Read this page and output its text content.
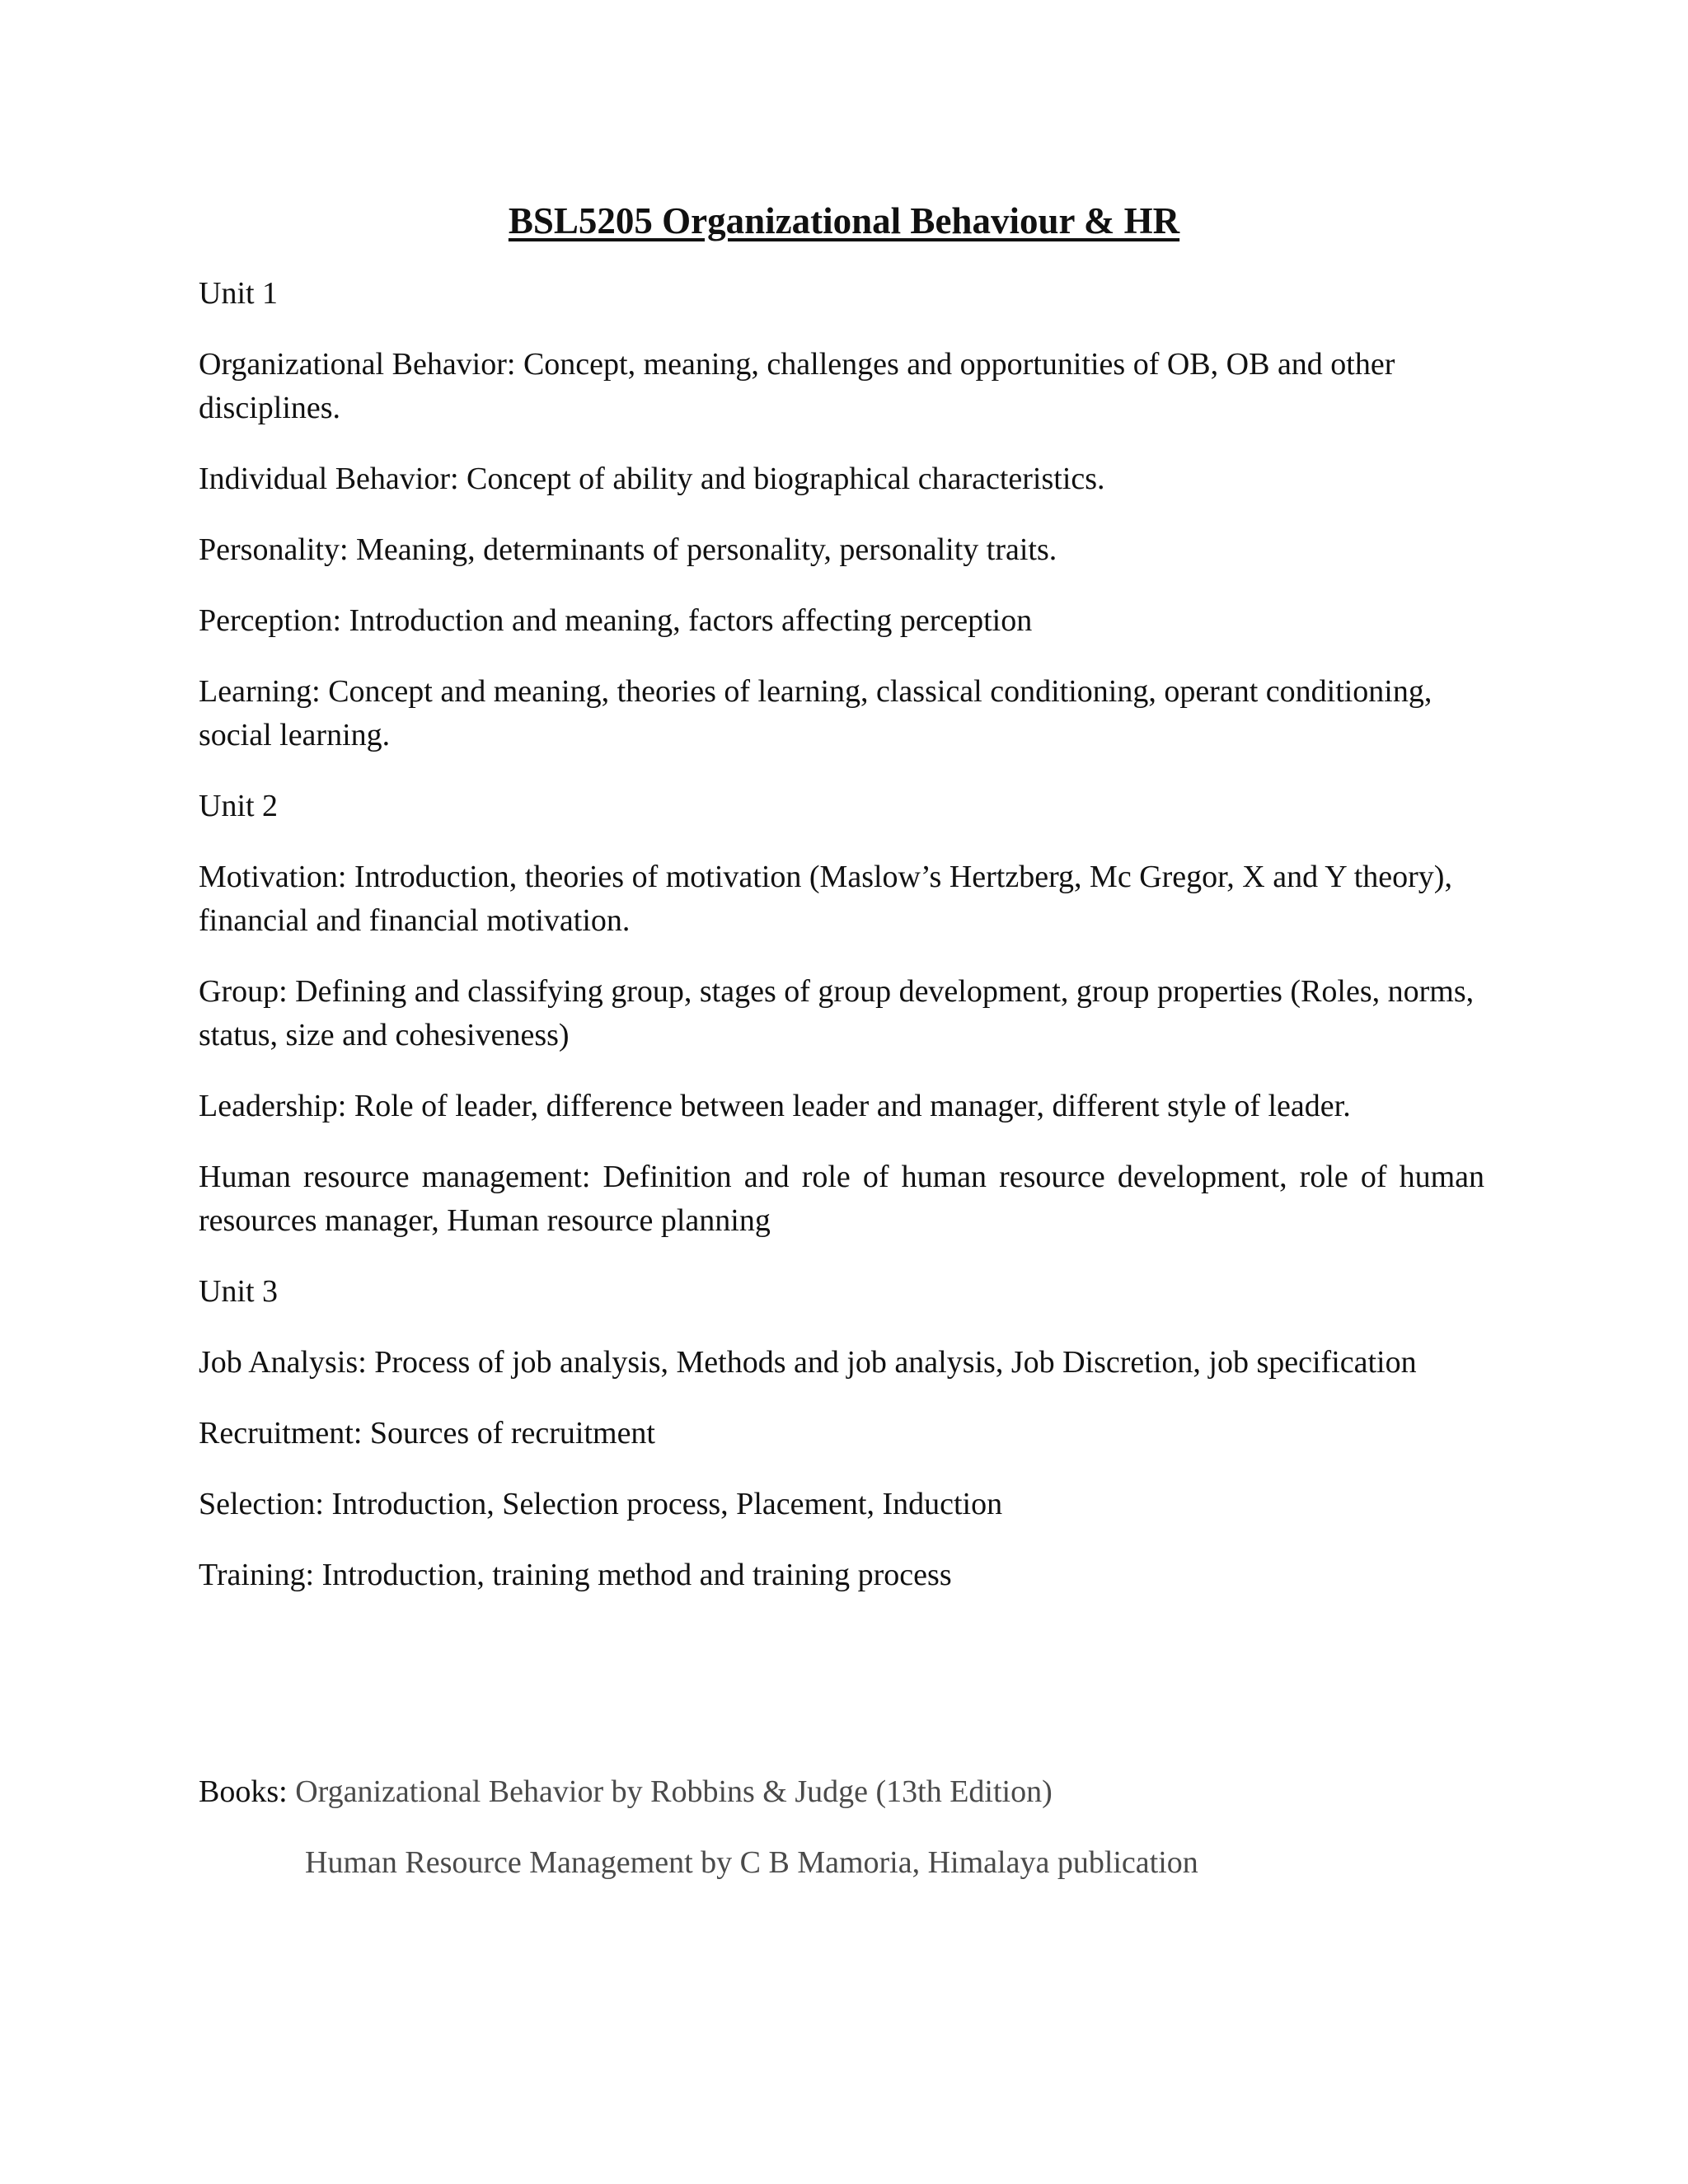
BSL5205 Organizational Behaviour & HR

Unit 1

Organizational Behavior: Concept, meaning, challenges and opportunities of OB, OB and other disciplines.

Individual Behavior: Concept of ability and biographical characteristics.

Personality: Meaning, determinants of personality, personality traits.

Perception: Introduction and meaning, factors affecting perception

Learning: Concept and meaning, theories of learning, classical conditioning, operant conditioning, social learning.

Unit 2

Motivation: Introduction, theories of motivation (Maslow’s Hertzberg, Mc Gregor, X and Y theory), financial and financial motivation.

Group: Defining and classifying group, stages of group development, group properties (Roles, norms, status, size and cohesiveness)

Leadership: Role of leader, difference between leader and manager, different style of leader.

Human resource management: Definition and role of human resource development, role of human resources manager, Human resource planning

Unit 3

Job Analysis: Process of job analysis, Methods and job analysis, Job Discretion, job specification

Recruitment: Sources of recruitment

Selection: Introduction, Selection process, Placement, Induction

Training: Introduction, training method and training process

Books: Organizational Behavior by Robbins & Judge (13th Edition)

Human Resource Management by C B Mamoria, Himalaya publication
